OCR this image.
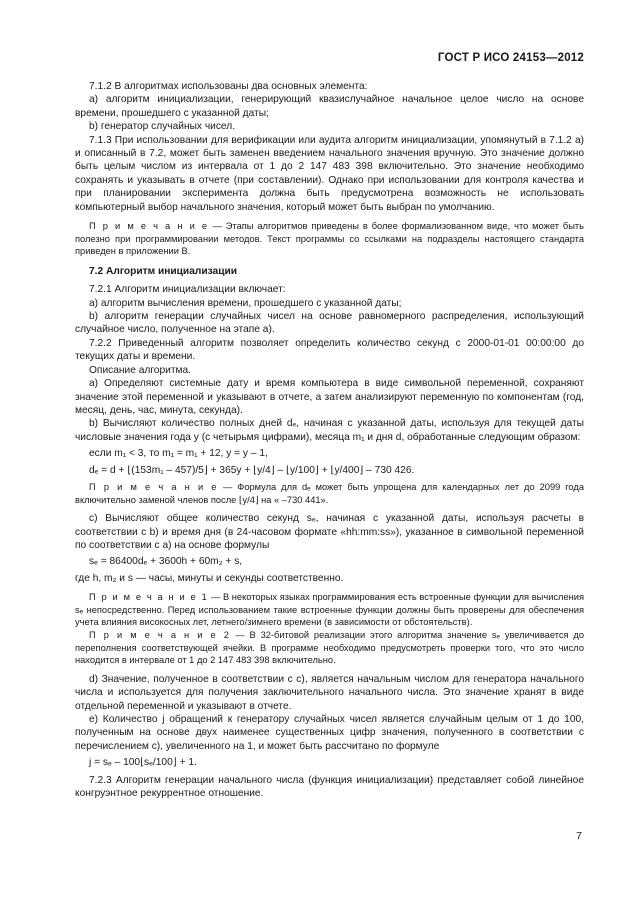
ГОСТ Р ИСО 24153—2012

7.1.2 В алгоритмах использованы два основных элемента:

а) алгоритм инициализации, генерирующий квазислучайное начальное целое число на основе времени, прошедшего с указанной даты;

b) генератор случайных чисел.

7.1.3 При использовании для верификации или аудита алгоритм инициализации, упомянутый в 7.1.2 а) и описанный в 7.2, может быть заменен введением начального значения вручную. Это значение должно быть целым числом из интервала от 1 до 2 147 483 398 включительно. Это значение необходимо сохранять и указывать в отчете (при составлении). Однако при использовании для контроля качества и при планировании эксперимента должна быть предусмотрена возможность не использовать компьютерный выбор начального значения, который может быть выбран по умолчанию.

П р и м е ч а н и е — Этапы алгоритмов приведены в более формализованном виде, что может быть полезно при программировании методов. Текст программы со ссылками на подразделы настоящего стандарта приведен в приложении В.

7.2 Алгоритм инициализации

7.2.1 Алгоритм инициализации включает:

а) алгоритм вычисления времени, прошедшего с указанной даты;

b) алгоритм генерации случайных чисел на основе равномерного распределения, использующий случайное число, полученное на этапе а).

7.2.2 Приведенный алгоритм позволяет определить количество секунд с 2000-01-01 00:00:00 до текущих даты и времени.

Описание алгоритма.

а) Определяют системные дату и время компьютера в виде символьной переменной, сохраняют значение этой переменной и указывают в отчете, а затем анализируют переменную по компонентам (год, месяц, день, час, минута, секунда).

b) Вычисляют количество полных дней dₑ, начиная с указанной даты, используя для текущей даты числовые значения года y (с четырьмя цифрами), месяца m₁ и дня d, обработанные следующим образом:

если m₁ < 3, то m₁ = m₁ + 12, y = y – 1,

dₑ = d + ⌊(153m₁ – 457)/5⌋ + 365y + ⌊y/4⌋ – ⌊y/100⌋ + ⌊y/400⌋ – 730 426.

П р и м е ч а н и е — Формула для dₑ может быть упрощена для календарных лет до 2099 года включительно заменой членов после ⌊y/4⌋ на « –730 441».

с) Вычисляют общее количество секунд sₑ, начиная с указанной даты, используя расчеты в соответствии с b) и время дня (в 24-часовом формате «hh:mm:ss»), указанное в символьной переменной по соответствии с а) на основе формулы

sₑ = 86400dₑ + 3600h + 60m₂ + s,

где h, m₂ и s — часы, минуты и секунды соответственно.

П р и м е ч а н и е 1 — В некоторых языках программирования есть встроенные функции для вычисления sₑ непосредственно. Перед использованием такие встроенные функции должны быть проверены для обеспечения учета влияния високосных лет, летнего/зимнего времени (в зависимости от обстоятельств).

П р и м е ч а н и е 2 — В 32-битовой реализации этого алгоритма значение sₑ увеличивается до переполнения соответствующей ячейки. В программе необходимо предусмотреть проверки того, что это число находится в интервале от 1 до 2 147 483 398 включительно.

d) Значение, полученное в соответствии с с), является начальным числом для генератора начального числа и используется для получения заключительного начального числа. Это значение хранят в виде отдельной переменной и указывают в отчете.

е) Количество j обращений к генератору случайных чисел является случайным целым от 1 до 100, полученным на основе двух наименее существенных цифр значения, полученного в соответствии с перечислением с), увеличенного на 1, и может быть рассчитано по формуле

j = sₑ – 100⌊sₑ/100⌋ + 1.

7.2.3 Алгоритм генерации начального числа (функция инициализации) представляет собой линейное конгруэнтное рекуррентное отношение.

7
